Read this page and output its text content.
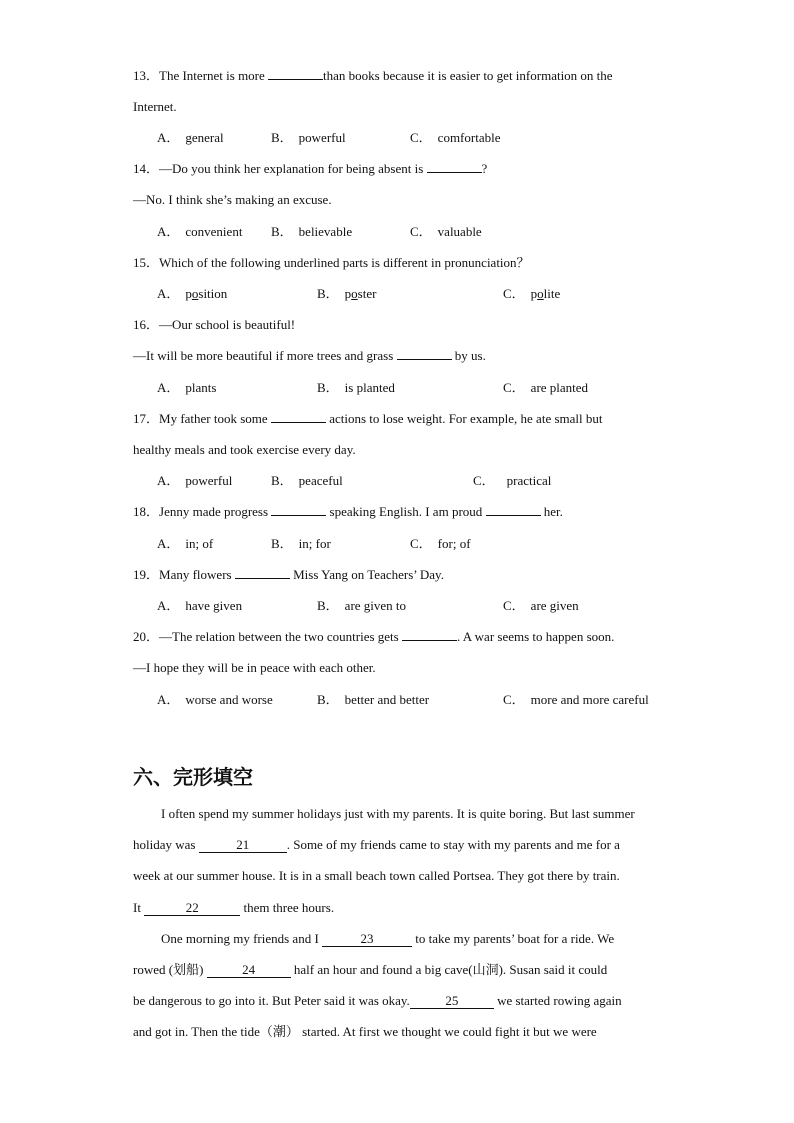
13．The Internet is more	than books because it is easier to get information on the
Internet.
A． general	B． powerful	C． comfortable
14．—Do you think her explanation for being absent is	?
—No. I think she’s making an excuse.
A． convenient B． believable	C． valuable
15．Which of the following underlined parts is different in pronunciation？
A． position	B． poster	C． polite
16．—Our school is beautiful!
—It will be more beautiful if more trees and grass	by us.
A． plants	B． is planted	C． are planted
17．My father took some	actions to lose weight. For example, he ate small but
healthy meals and took exercise every day.
A． powerful	B． peaceful	C． practical
18．Jenny made progress	speaking English. I am proud	her.
A． in; of	B． in; for	C． for; of
19．Many flowers	Miss Yang on Teachers’ Day.
A． have given	B． are given to	C． are given
20．—The relation between the two countries gets	. A war seems to happen soon.
—I hope they will be in peace with each other.
A． worse and worse	B． better and better	C． more and more careful
六、完形填空
I often spend my summer holidays just with my parents. It is quite boring. But last summer
holiday was	21	. Some of my friends came to stay with my parents and me for a
week at our summer house. It is in a small beach town called Portsea. They got there by train.
It	22	them three hours.
One morning my friends and I	23	to take my parents’ boat for a ride. We
rowed (划船)	24	half an hour and found a big cave(山洞). Susan said it could
be dangerous to go into it. But Peter said it was okay.	25	we started rowing again
and got in. Then the tide（潮） started. At first we thought we could fight it but we were
